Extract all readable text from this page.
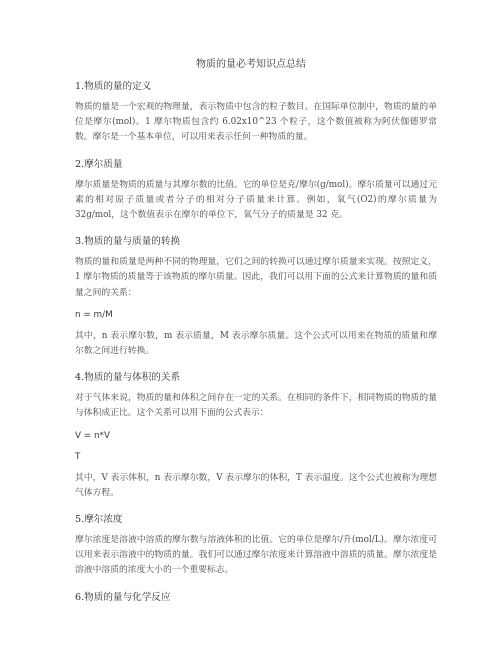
物质的量必考知识点总结
1.物质的量的定义
物质的量是一个宏观的物理量，表示物质中包含的粒子数目。在国际单位制中，物质的量的单位是摩尔(mol)。1 摩尔物质包含约 6.02x10^23 个粒子，这个数值被称为阿伏伽德罗常数。摩尔是一个基本单位，可以用来表示任何一种物质的量。
2.摩尔质量
摩尔质量是物质的质量与其摩尔数的比值。它的单位是克/摩尔(g/mol)。摩尔质量可以通过元素的相对原子质量或者分子的相对分子质量来计算。例如，氧气(O2)的摩尔质量为 32g/mol，这个数值表示在摩尔的单位下，氧气分子的质量是 32 克。
3.物质的量与质量的转换
物质的量和质量是两种不同的物理量，它们之间的转换可以通过摩尔质量来实现。按照定义，1 摩尔物质的质量等于该物质的摩尔质量。因此，我们可以用下面的公式来计算物质的量和质量之间的关系：
n = m/M
其中，n 表示摩尔数，m 表示质量，M 表示摩尔质量。这个公式可以用来在物质的质量和摩尔数之间进行转换。
4.物质的量与体积的关系
对于气体来说，物质的量和体积之间存在一定的关系。在相同的条件下，相同物质的物质的量与体积成正比。这个关系可以用下面的公式表示：
V = n*V
T
其中，V 表示体积，n 表示摩尔数，V 表示摩尔的体积，T 表示温度。这个公式也被称为理想气体方程。
5.摩尔浓度
摩尔浓度是溶液中溶质的摩尔数与溶液体积的比值。它的单位是摩尔/升(mol/L)。摩尔浓度可以用来表示溶液中的物质的量。我们可以通过摩尔浓度来计算溶液中溶质的质量。摩尔浓度是溶液中溶质的浓度大小的一个重要标志。
6.物质的量与化学反应
